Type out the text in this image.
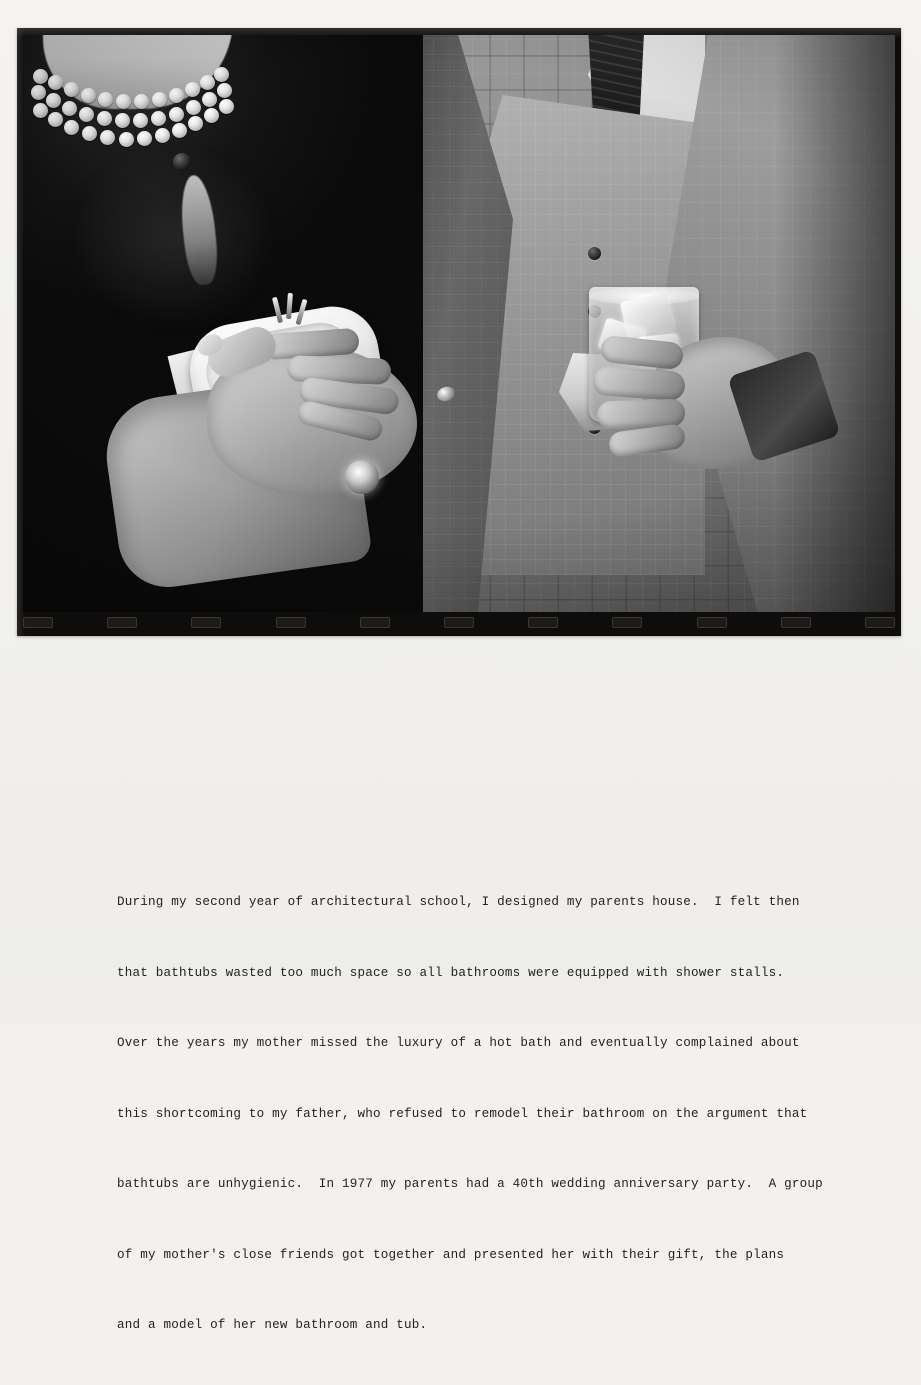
During my second year of architectural school, I designed my parents house.  I felt then

that bathtubs wasted too much space so all bathrooms were equipped with shower stalls.

Over the years my mother missed the luxury of a hot bath and eventually complained about

this shortcoming to my father, who refused to remodel their bathroom on the argument that

bathtubs are unhygienic.  In 1977 my parents had a 40th wedding anniversary party.  A group

of my mother's close friends got together and presented her with their gift, the plans

and a model of her new bathroom and tub.
